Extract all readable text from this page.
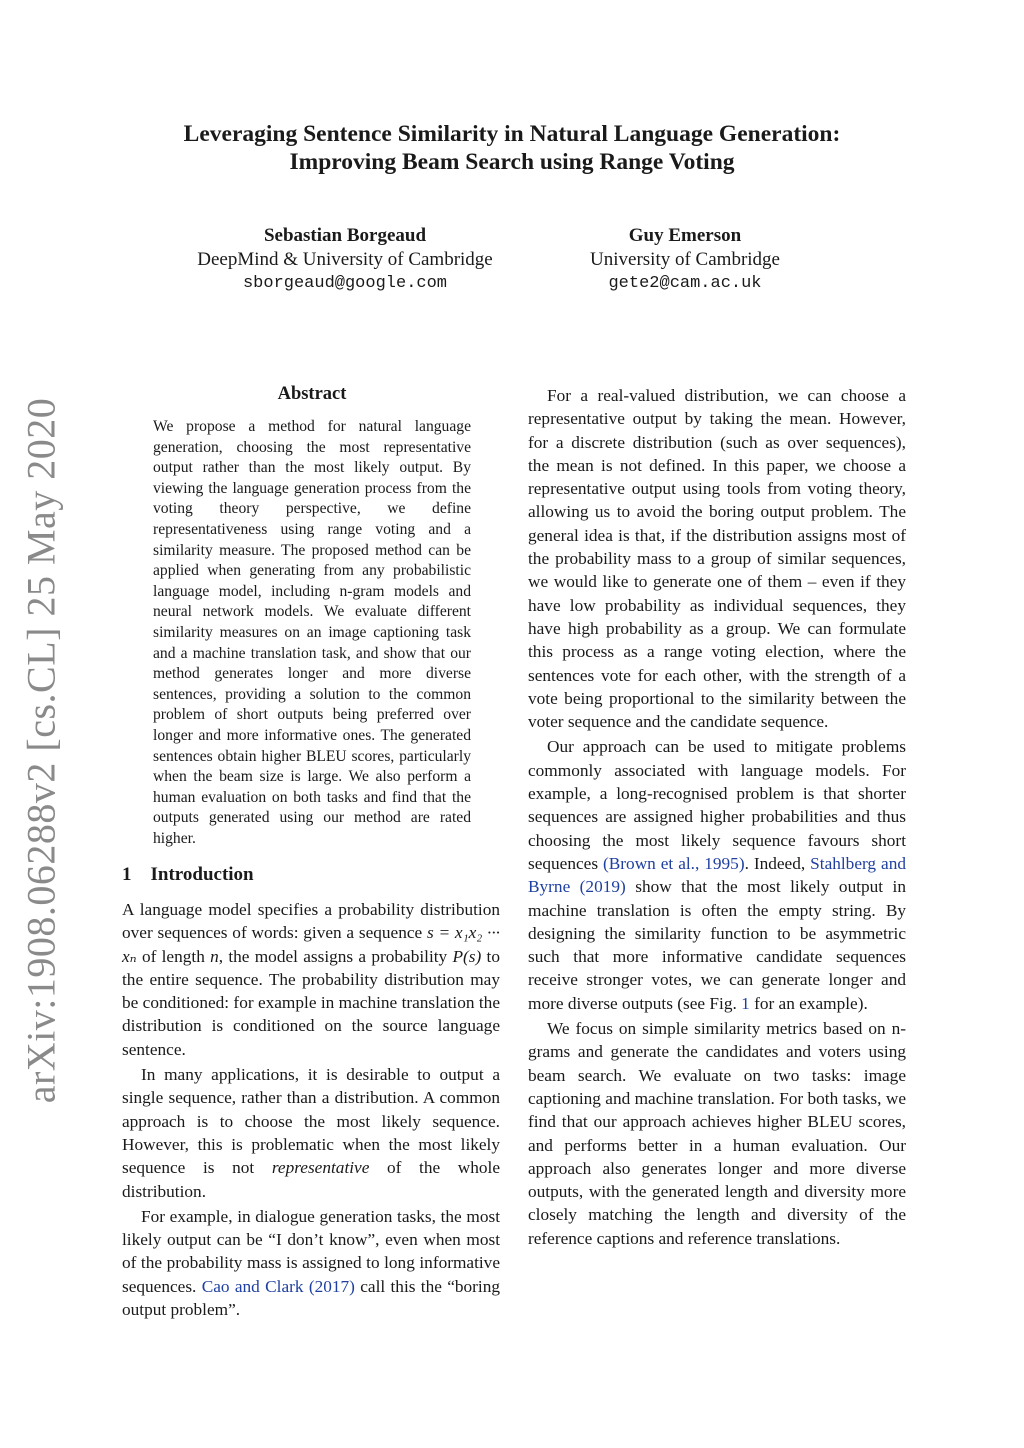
arXiv:1908.06288v2 [cs.CL] 25 May 2020
Leveraging Sentence Similarity in Natural Language Generation:
Improving Beam Search using Range Voting
Sebastian Borgeaud
DeepMind & University of Cambridge
sborgeaud@google.com
Guy Emerson
University of Cambridge
gete2@cam.ac.uk
Abstract
We propose a method for natural language generation, choosing the most representative output rather than the most likely output. By viewing the language generation process from the voting theory perspective, we define representativeness using range voting and a similarity measure. The proposed method can be applied when generating from any probabilistic language model, including n-gram models and neural network models. We evaluate different similarity measures on an image captioning task and a machine translation task, and show that our method generates longer and more diverse sentences, providing a solution to the common problem of short outputs being preferred over longer and more informative ones. The generated sentences obtain higher BLEU scores, particularly when the beam size is large. We also perform a human evaluation on both tasks and find that the outputs generated using our method are rated higher.
1 Introduction

A language model specifies a probability distribution over sequences of words: given a sequence s = x₁x₂ ··· xₙ of length n, the model assigns a probability P(s) to the entire sequence. The probability distribution may be conditioned: for example in machine translation the distribution is conditioned on the source language sentence.

In many applications, it is desirable to output a single sequence, rather than a distribution. A common approach is to choose the most likely sequence. However, this is problematic when the most likely sequence is not representative of the whole distribution.

For example, in dialogue generation tasks, the most likely output can be “I don’t know”, even when most of the probability mass is assigned to long informative sequences. Cao and Clark (2017) call this the “boring output problem”.

For a real-valued distribution, we can choose a representative output by taking the mean. However, for a discrete distribution (such as over sequences), the mean is not defined. In this paper, we choose a representative output using tools from voting theory, allowing us to avoid the boring output problem. The general idea is that, if the distribution assigns most of the probability mass to a group of similar sequences, we would like to generate one of them – even if they have low probability as individual sequences, they have high probability as a group. We can formulate this process as a range voting election, where the sentences vote for each other, with the strength of a vote being proportional to the similarity between the voter sequence and the candidate sequence.

Our approach can be used to mitigate problems commonly associated with language models. For example, a long-recognised problem is that shorter sequences are assigned higher probabilities and thus choosing the most likely sequence favours short sequences (Brown et al., 1995). Indeed, Stahlberg and Byrne (2019) show that the most likely output in machine translation is often the empty string. By designing the similarity function to be asymmetric such that more informative candidate sequences receive stronger votes, we can generate longer and more diverse outputs (see Fig. 1 for an example).

We focus on simple similarity metrics based on n-grams and generate the candidates and voters using beam search. We evaluate on two tasks: image captioning and machine translation. For both tasks, we find that our approach achieves higher BLEU scores, and performs better in a human evaluation. Our approach also generates longer and more diverse outputs, with the generated length and diversity more closely matching the length and diversity of the reference captions and reference translations.
